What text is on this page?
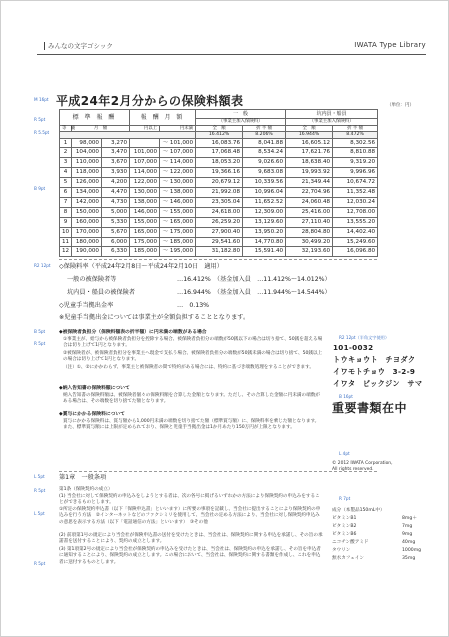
みんなの文字ゴシック	IWATA Type Library
M 16pt
R 5pt
R 5.5pt
B 9pt
R2 12pt
B 5pt
R 5pt
R2 12pt（半角文字使用）
B 16pt
L 4pt
R 7pt
L 5pt
R 5pt
L 5pt
R 5pt
平成24年2月分からの保険料額表	（単位：円）
標 準 報 酬			報 酬 月 額		一　般		坑内員・船員	
					（事業主加入保険料）		（事業主加入保険料）	
等　級	月　額		円以上	円未満	全　額	折 半 額	全　額	折 半 額
					16.412%	8.206%	16.944%	8.472%
1	98,000	3,270		〜 101,000	16,083.76	8,041.88	16,605.12	8,302.56
2	104,000	3,470	101,000	〜 107,000	17,068.48	8,534.24	17,621.76	8,810.88
3	110,000	3,670	107,000	〜 114,000	18,053.20	9,026.60	18,638.40	9,319.20
4	118,000	3,930	114,000	〜 122,000	19,366.16	9,683.08	19,993.92	9,996.96
5	126,000	4,200	122,000	〜 130,000	20,679.12	10,339.56	21,349.44	10,674.72
6	134,000	4,470	130,000	〜 138,000	21,992.08	10,996.04	22,704.96	11,352.48
7	142,000	4,730	138,000	〜 146,000	23,305.04	11,652.52	24,060.48	12,030.24
8	150,000	5,000	146,000	〜 155,000	24,618.00	12,309.00	25,416.00	12,708.00
9	160,000	5,330	155,000	〜 165,000	26,259.20	13,129.60	27,110.40	13,555.20
10	170,000	5,670	165,000	〜 175,000	27,900.40	13,950.20	28,804.80	14,402.40
11	180,000	6,000	175,000	〜 185,000	29,541.60	14,770.80	30,499.20	15,249.60
12	190,000	6,330	185,000	〜 195,000	31,182.80	15,591.40	32,193.60	16,096.80
◇保険料率（平成24年2月8日〜平成24年2月10日　適用）
一般の被保険者等	…16.412%　（基金加入員　…11.412%〜14.012%）
坑内員・船員の被保険者	…16.944%　（基金加入員　…11.944%〜14.544%）
◇児童手当拠出金率	…　0.13%
※児童手当拠出金については事業主が全額負担することとなります。
◆被保険者負担分（保険料額表の折半額）に円未満の端数がある場合
①事業主が、給与から被保険者負担分を控除する場合、被保険者負担分の端数が50銭以下の場合は切り捨て、50銭を超える場合は切り上げて1円となります。
②被保険者が、被保険者負担分を事業主へ現金で支払う場合、被保険者負担分の端数が50銭未満の場合は切り捨て、50銭以上の場合は切り上げて1円となります。
（注）①、②にかかわらず、事業主と被保険者の間で特約がある場合には、特約に基づき端数処理をすることができます。
◆納入告知書の保険料額について
納入告知書の保険料額は、被保険者個々の保険料額を合算した金額となります。ただし、その合算した金額に円未満の端数がある場合は、その端数を切り捨てた額となります。
◆賞与にかかる保険料について
賞与にかかる保険料は、賞与額から1,000円未満の端数を切り捨てた額（標準賞与額）に、保険料率を乗じた額となります。また、標準賞与額には上限が定められており、保険と児童手当拠出金は1か月あたり150万円が上限となります。
101-0032
トウキョウト　チヨダク
イワモトチョウ　3-2-9
イワタ　ビックジン　サマ
重要書類在中
© 2012 IWATA Corporation,
All rights reserved.
成分（本製品150mL中）
ビタミンB1	8mg＋
ビタミンB2	7mg
ビタミンB6	9mg
ニコチン酸アミド	40mg
タウリン	1000mg
無水カフェイン	35mg
第1章　一般条項
第1条（保険契約の成立）
(1) 当会社に対して保険契約の申込みをしようとする者は、次の各号に掲げるいずれかの方法により保険契約の申込みをすることができるものとします。
①所定の保険契約申込書（以下「保険申込書」といいます）に所要の事項を記載し、当会社に提出することにより保険契約の申込みを行う方法　②インターネットなどのファクシミリを使用して、当会社の定める方法により、当会社に対し保険契約申込みの意思を表示する方法（以下「電話通信の方法」といいます）　③その他
(2) 前項第1号の規定により当会社が保険申込書の送付を受けたときは、当会社は、保険契約に関する申込を承諾し、その旨の承諾書を送付することにより、契約の成立とします。
(3) 第1項第2号の規定により当会社が保険契約の申込みを受けたときは、当会社は、保険契約の申込を承諾し、その旨を申込者に通知することにより、保険契約の成立とします。この場合において、当会社は、保険契約に関する書類を作成し、これを申込者に送付するものとします。
